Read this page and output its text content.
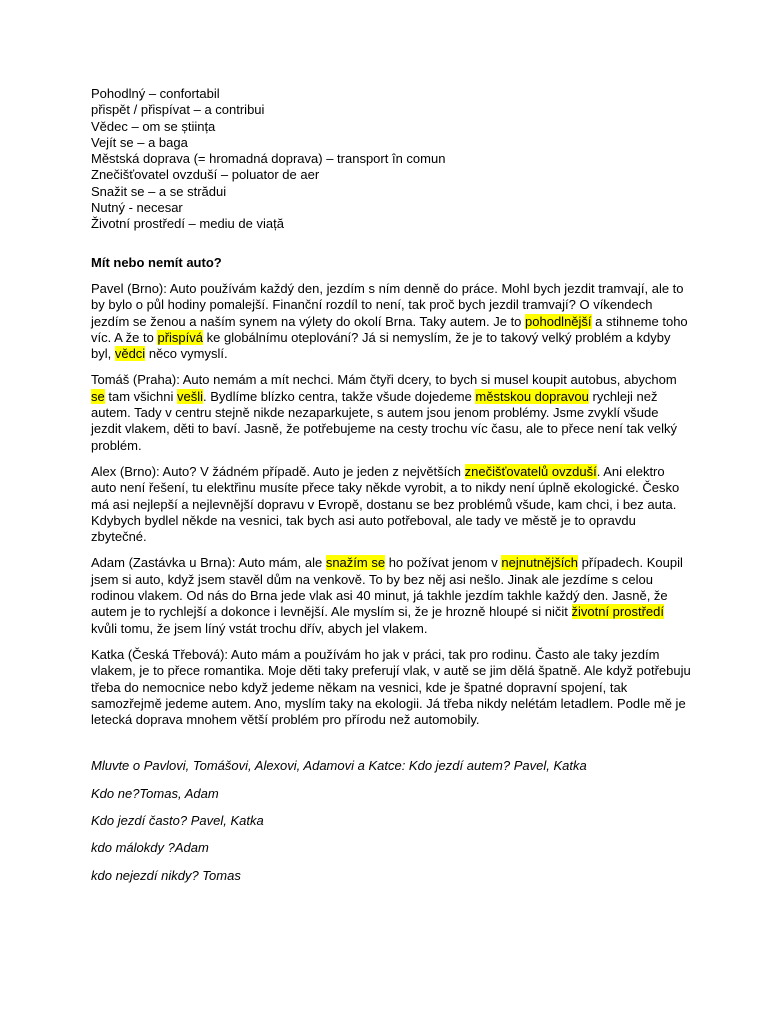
Pohodlný – confortabil
přispět / přispívat – a contribui
Vědec – om se știința
Vejít se – a baga
Městská doprava (= hromadná doprava) – transport în comun
Znečišťovatel ovzduší – poluator de aer
Snažit se – a se strădui
Nutný - necesar
Životní prostředí – mediu de viață
Mít nebo nemít auto?

Pavel (Brno): Auto používám každý den, jezdím s ním denně do práce. Mohl bych jezdit tramvají, ale to by bylo o půl hodiny pomalejší. Finanční rozdíl to není, tak proč bych jezdil tramvají? O víkendech jezdím se ženou a naším synem na výlety do okolí Brna. Taky autem. Je to pohodlnější a stihneme toho víc. A že to přispívá ke globálnímu oteplování? Já si nemyslím, že je to takový velký problém a kdyby byl, vědci něco vymyslí.

Tomáš (Praha): Auto nemám a mít nechci. Mám čtyři dcery, to bych si musel koupit autobus, abychom se tam všichni vešli. Bydlíme blízko centra, takže všude dojedeme městskou dopravou rychleji než autem. Tady v centru stejně nikde nezaparkujete, s autem jsou jenom problémy. Jsme zvyklí všude jezdit vlakem, děti to baví. Jasně, že potřebujeme na cesty trochu víc času, ale to přece není tak velký problém.

Alex (Brno): Auto? V žádném případě. Auto je jeden z největších znečišťovatelů ovzduší. Ani elektro auto není řešení, tu elektřinu musíte přece taky někde vyrobit, a to nikdy není úplně ekologické. Česko má asi nejlepší a nejlevnější dopravu v Evropě, dostanu se bez problémů všude, kam chci, i bez auta. Kdybych bydlel někde na vesnici, tak bych asi auto potřeboval, ale tady ve městě je to opravdu zbytečné.

Adam (Zastávka u Brna): Auto mám, ale snažím se ho požívat jenom v nejnutnějších případech. Koupil jsem si auto, když jsem stavěl dům na venkově. To by bez něj asi nešlo. Jinak ale jezdíme s celou rodinou vlakem. Od nás do Brna jede vlak asi 40 minut, já takhle jezdím takhle každý den. Jasně, že autem je to rychlejší a dokonce i levnější. Ale myslím si, že je hrozně hloupé si ničit životní prostředí kvůli tomu, že jsem líný vstát trochu dřív, abych jel vlakem.

Katka (Česká Třebová): Auto mám a používám ho jak v práci, tak pro rodinu. Často ale taky jezdím vlakem, je to přece romantika. Moje děti taky preferují vlak, v autě se jim dělá špatně. Ale když potřebuju třeba do nemocnice nebo když jedeme někam na vesnici, kde je špatné dopravní spojení, tak samozřejmě jedeme autem. Ano, myslím taky na ekologii. Já třeba nikdy nelétám letadlem. Podle mě je letecká doprava mnohem větší problém pro přírodu než automobily.

Mluvte o Pavlovi, Tomášovi, Alexovi, Adamovi a Katce: Kdo jezdí autem? Pavel, Katka
Kdo ne?Tomas, Adam
Kdo jezdí často? Pavel, Katka
kdo málokdy ?Adam
kdo nejezdí nikdy? Tomas
